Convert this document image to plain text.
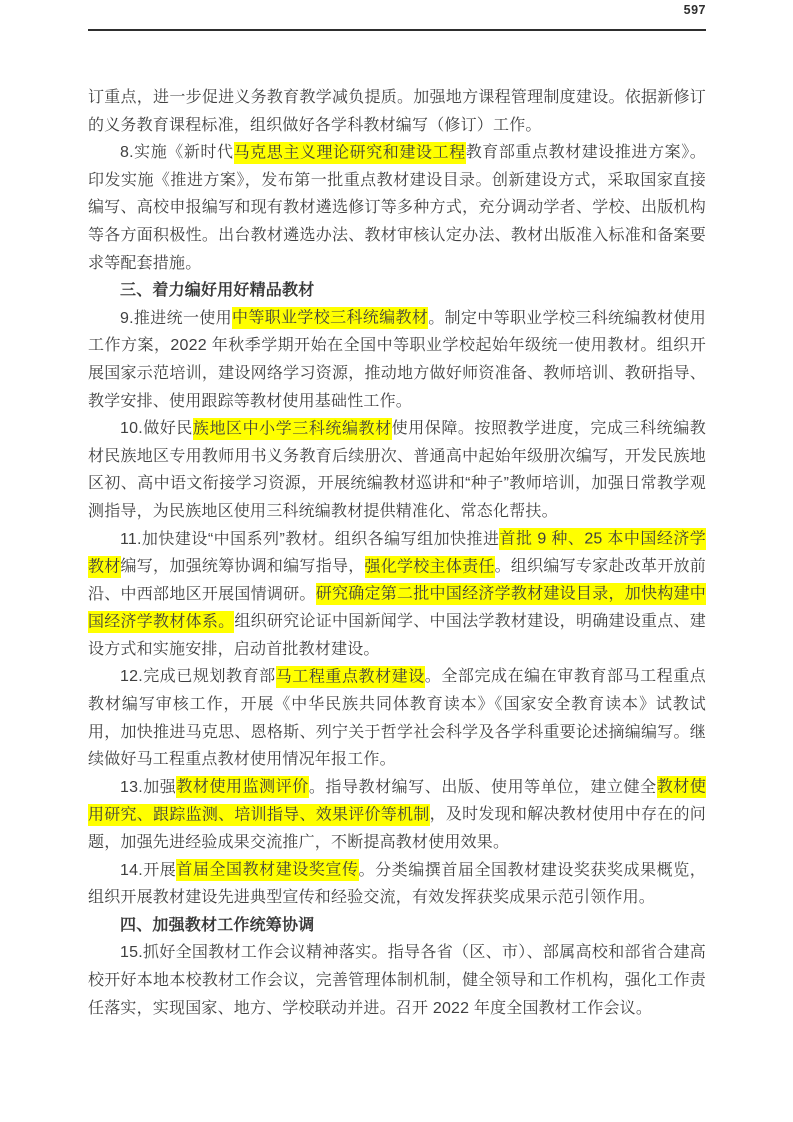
597

订重点，进一步促进义务教育教学减负提质。加强地方课程管理制度建设。依据新修订的义务教育课程标准，组织做好各学科教材编写（修订）工作。

8.实施《新时代马克思主义理论研究和建设工程教育部重点教材建设推进方案》。印发实施《推进方案》，发布第一批重点教材建设目录。创新建设方式，采取国家直接编写、高校申报编写和现有教材遴选修订等多种方式，充分调动学者、学校、出版机构等各方面积极性。出台教材遴选办法、教材审核认定办法、教材出版准入标准和备案要求等配套措施。

三、着力编好用好精品教材

9.推进统一使用中等职业学校三科统编教材。制定中等职业学校三科统编教材使用工作方案，2022 年秋季学期开始在全国中等职业学校起始年级统一使用教材。组织开展国家示范培训，建设网络学习资源，推动地方做好师资准备、教师培训、教研指导、教学安排、使用跟踪等教材使用基础性工作。

10.做好民族地区中小学三科统编教材使用保障。按照教学进度，完成三科统编教材民族地区专用教师用书义务教育后续册次、普通高中起始年级册次编写，开发民族地区初、高中语文衔接学习资源，开展统编教材巡讲和“种子”教师培训，加强日常教学观测指导，为民族地区使用三科统编教材提供精准化、常态化帮扶。

11.加快建设“中国系列”教材。组织各编写组加快推进首批 9 种、25 本中国经济学教材编写，加强统筹协调和编写指导，强化学校主体责任。组织编写专家赴改革开放前沿、中西部地区开展国情调研。研究确定第二批中国经济学教材建设目录，加快构建中国经济学教材体系。组织研究论证中国新闻学、中国法学教材建设，明确建设重点、建设方式和实施安排，启动首批教材建设。

12.完成已规划教育部马工程重点教材建设。全部完成在编在审教育部马工程重点教材编写审核工作，开展《中华民族共同体教育读本》《国家安全教育读本》试教试用，加快推进马克思、恩格斯、列宁关于哲学社会科学及各学科重要论述摘编编写。继续做好马工程重点教材使用情况年报工作。

13.加强教材使用监测评价。指导教材编写、出版、使用等单位，建立健全教材使用研究、跟踪监测、培训指导、效果评价等机制，及时发现和解决教材使用中存在的问题，加强先进经验成果交流推广，不断提高教材使用效果。

14.开展首届全国教材建设奖宣传。分类编撰首届全国教材建设奖获奖成果概览，组织开展教材建设先进典型宣传和经验交流，有效发挥获奖成果示范引领作用。

四、加强教材工作统筹协调

15.抓好全国教材工作会议精神落实。指导各省（区、市）、部属高校和部省合建高校开好本地本校教材工作会议，完善管理体制机制，健全领导和工作机构，强化工作责任落实，实现国家、地方、学校联动并进。召开 2022 年度全国教材工作会议。
